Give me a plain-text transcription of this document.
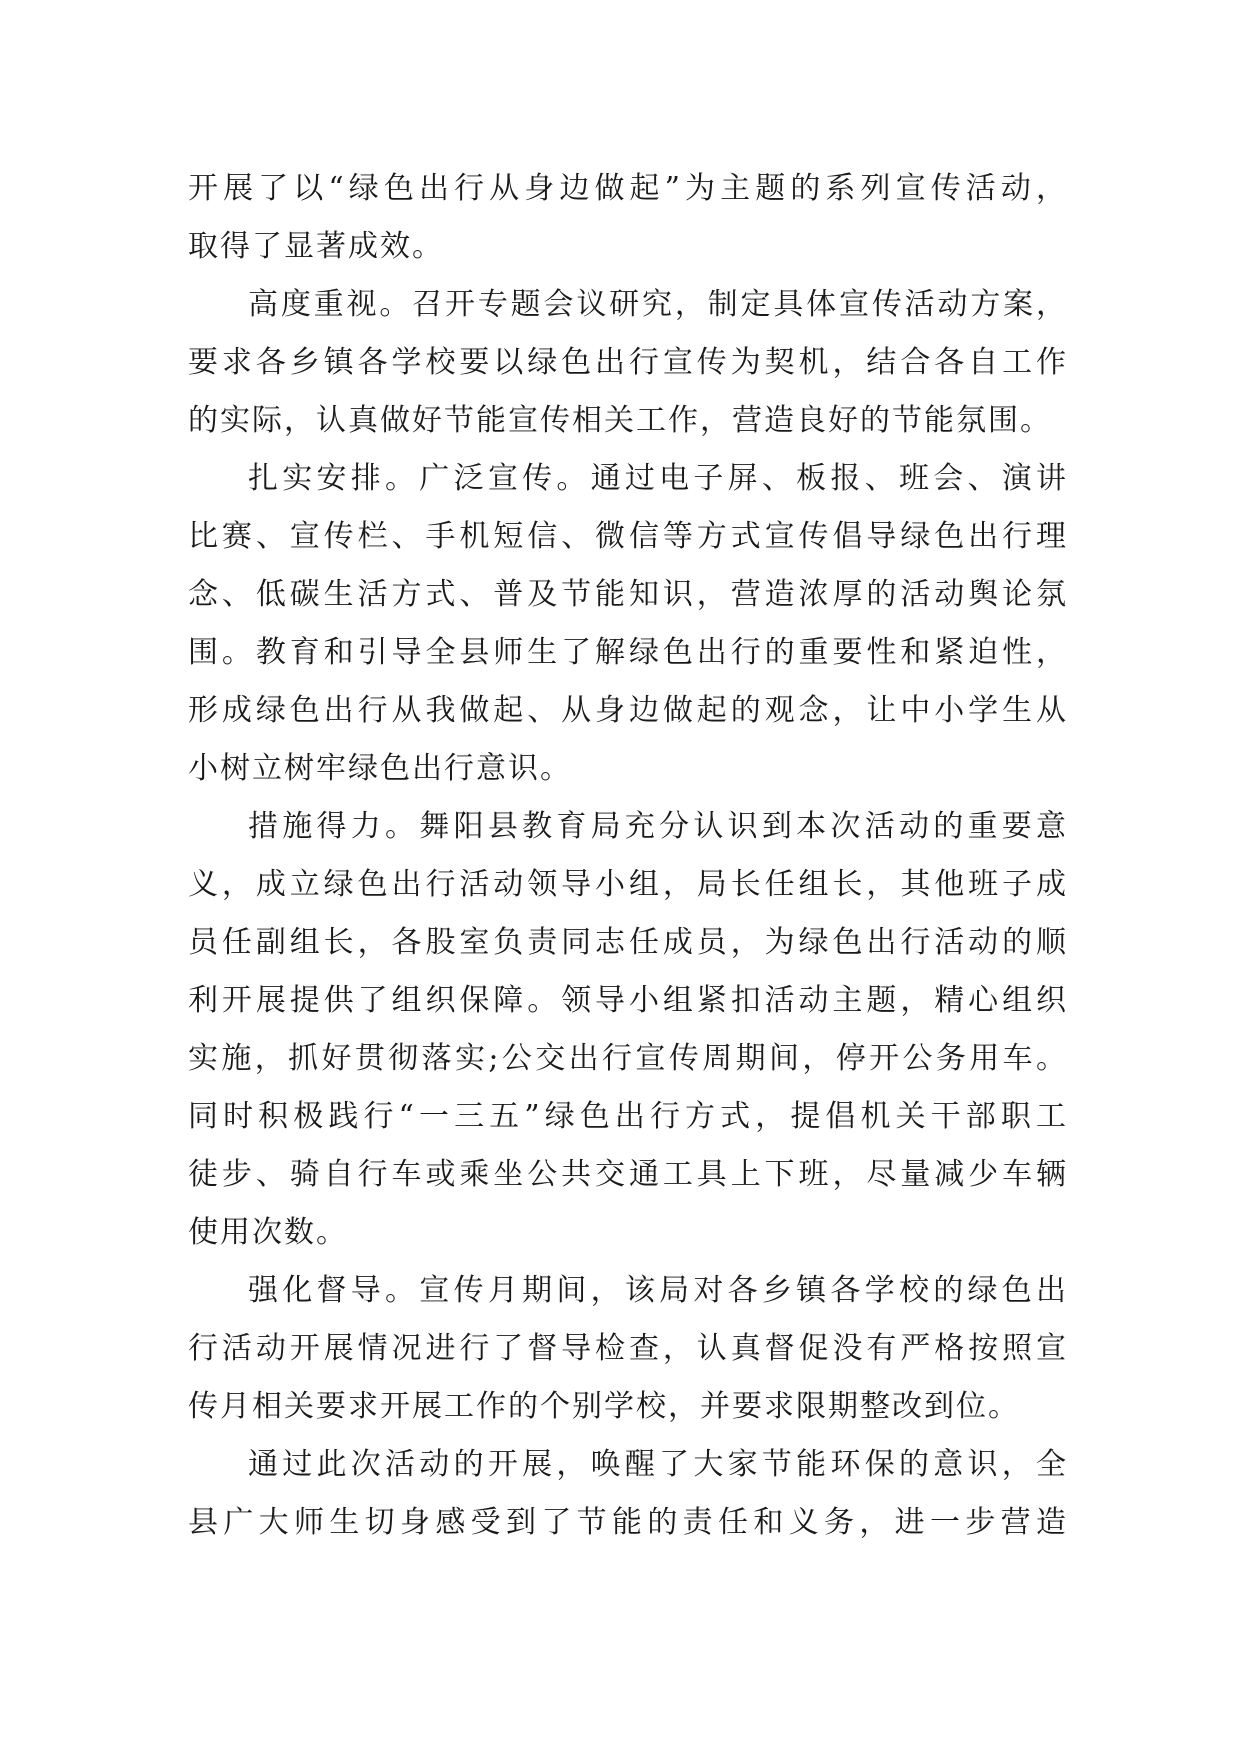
开展了以“绿色出行从身边做起”为主题的系列宣传活动，
取得了显著成效。
高度重视。召开专题会议研究，制定具体宣传活动方案，
要求各乡镇各学校要以绿色出行宣传为契机，结合各自工作
的实际，认真做好节能宣传相关工作，营造良好的节能氛围。
扎实安排。广泛宣传。通过电子屏、板报、班会、演讲
比赛、宣传栏、手机短信、微信等方式宣传倡导绿色出行理
念、低碳生活方式、普及节能知识，营造浓厚的活动舆论氛
围。教育和引导全县师生了解绿色出行的重要性和紧迫性，
形成绿色出行从我做起、从身边做起的观念，让中小学生从
小树立树牢绿色出行意识。
措施得力。舞阳县教育局充分认识到本次活动的重要意
义，成立绿色出行活动领导小组，局长任组长，其他班子成
员任副组长，各股室负责同志任成员，为绿色出行活动的顺
利开展提供了组织保障。领导小组紧扣活动主题，精心组织
实施，抓好贯彻落实;公交出行宣传周期间，停开公务用车。
同时积极践行“一三五”绿色出行方式，提倡机关干部职工
徒步、骑自行车或乘坐公共交通工具上下班，尽量减少车辆
使用次数。
强化督导。宣传月期间，该局对各乡镇各学校的绿色出
行活动开展情况进行了督导检查，认真督促没有严格按照宣
传月相关要求开展工作的个别学校，并要求限期整改到位。
通过此次活动的开展，唤醒了大家节能环保的意识，全
县广大师生切身感受到了节能的责任和义务，进一步营造
